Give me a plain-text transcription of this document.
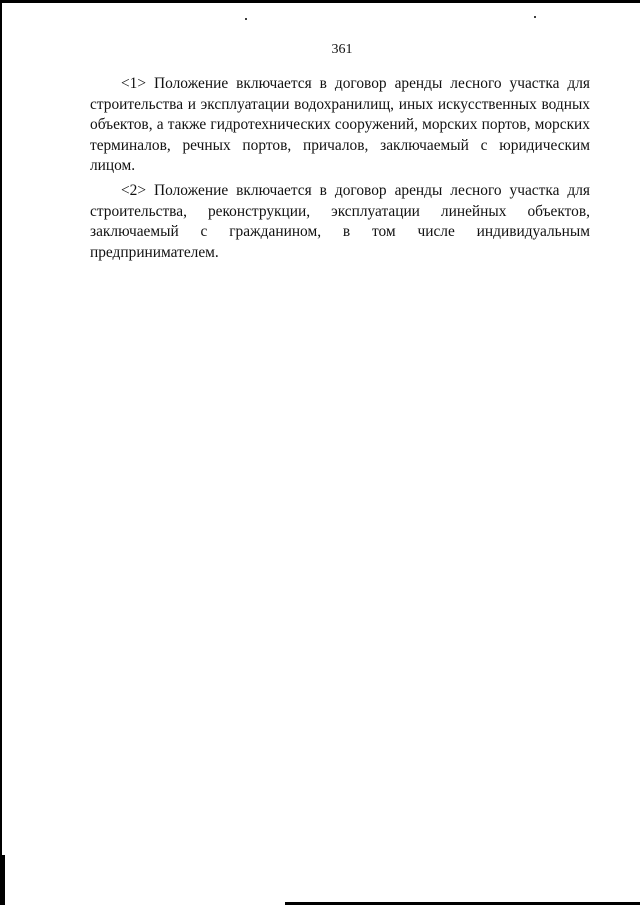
361

<1> Положение включается в договор аренды лесного участка для строительства и эксплуатации водохранилищ, иных искусственных водных объектов, а также гидротехнических сооружений, морских портов, морских терминалов, речных портов, причалов, заключаемый с юридическим лицом.

<2> Положение включается в договор аренды лесного участка для строительства, реконструкции, эксплуатации линейных объектов, заключаемый с гражданином, в том числе индивидуальным предпринимателем.
